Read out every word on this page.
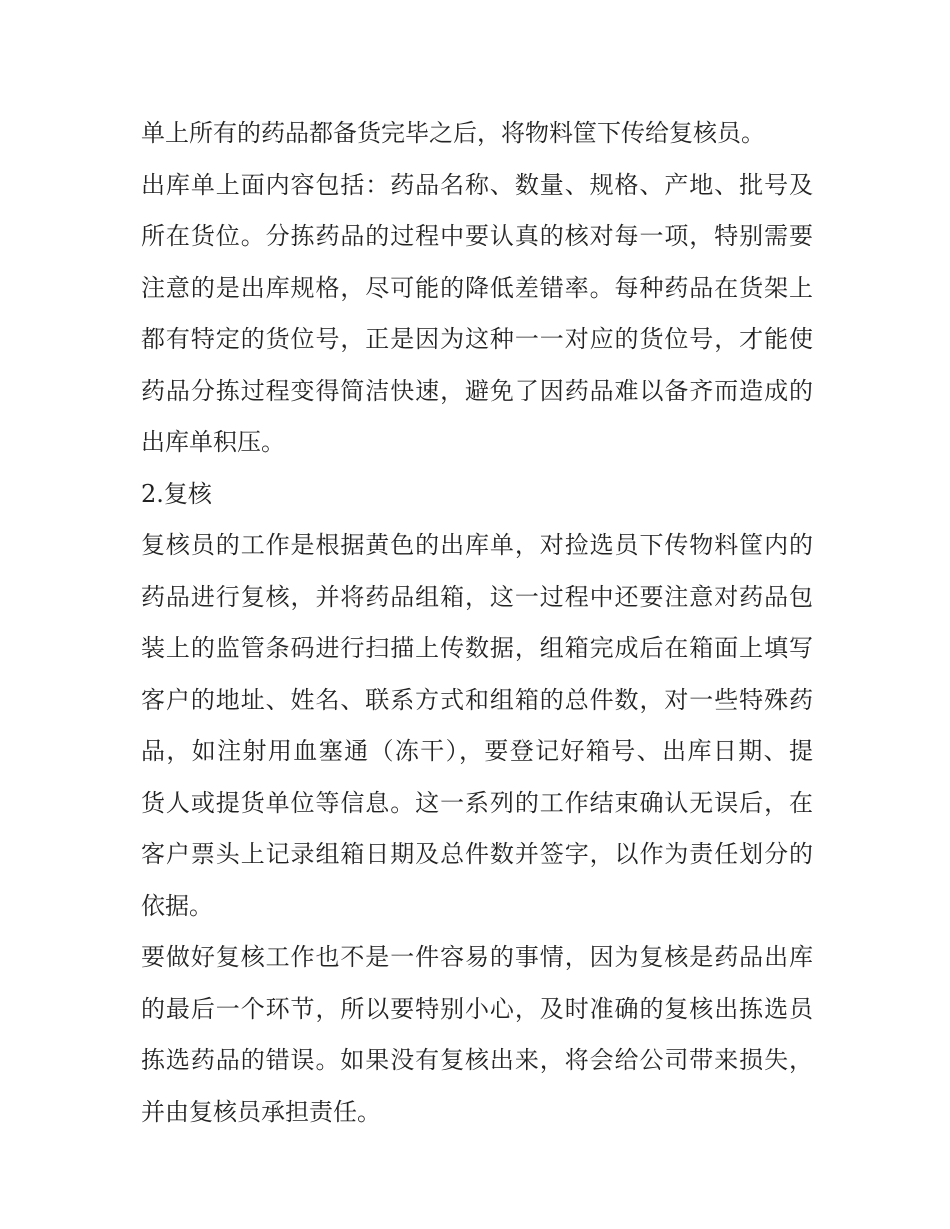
单上所有的药品都备货完毕之后，将物料筐下传给复核员。
出库单上面内容包括：药品名称、数量、规格、产地、批号及
所在货位。分拣药品的过程中要认真的核对每一项，特别需要
注意的是出库规格，尽可能的降低差错率。每种药品在货架上
都有特定的货位号，正是因为这种一一对应的货位号，才能使
药品分拣过程变得简洁快速，避免了因药品难以备齐而造成的
出库单积压。
2.复核
复核员的工作是根据黄色的出库单，对捡选员下传物料筐内的
药品进行复核，并将药品组箱，这一过程中还要注意对药品包
装上的监管条码进行扫描上传数据，组箱完成后在箱面上填写
客户的地址、姓名、联系方式和组箱的总件数，对一些特殊药
品，如注射用血塞通（冻干），要登记好箱号、出库日期、提
货人或提货单位等信息。这一系列的工作结束确认无误后，在
客户票头上记录组箱日期及总件数并签字，以作为责任划分的
依据。
要做好复核工作也不是一件容易的事情，因为复核是药品出库
的最后一个环节，所以要特别小心，及时准确的复核出拣选员
拣选药品的错误。如果没有复核出来，将会给公司带来损失，
并由复核员承担责任。
